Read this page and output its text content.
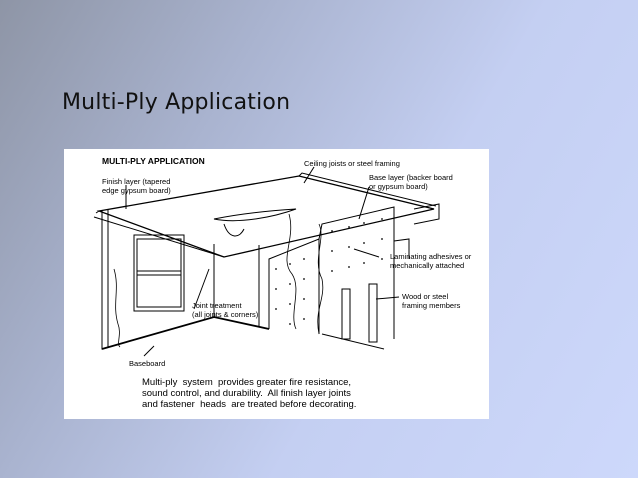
Multi-Ply Application
MULTI-PLY APPLICATION
Finish layer (tapered
edge gypsum board)
Ceiling joists or steel framing
Base layer (backer board
or gypsum board)
Laminating adhesives or
mechanically attached
Wood or steel
framing members
Joint treatment
(all joints & corners)
Baseboard
Multi-ply  system  provides greater fire resistance,
sound control, and durability.  All finish layer joints
and fastener  heads  are treated before decorating.
